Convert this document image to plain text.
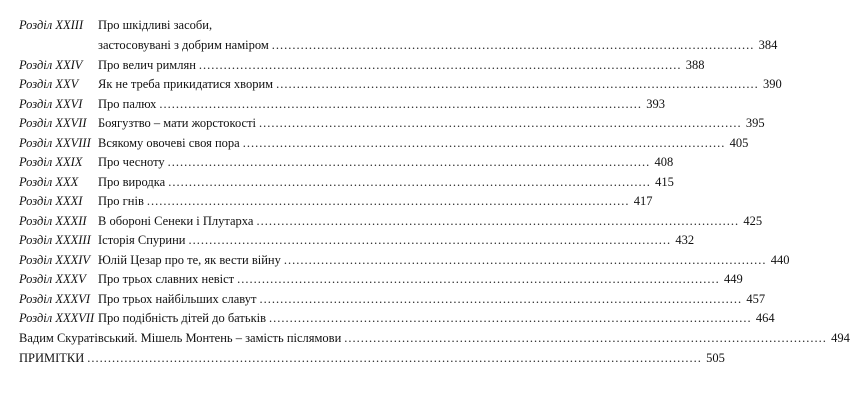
Розділ XXIII	Про шкідливі засоби,
застосовувані з добрим наміром ..................................................................................................................... 384
Розділ XXIV	Про велич римлян ..................................................................................................................... 388
Розділ XXV	Як не треба прикидатися хворим ..................................................................................................................... 390
Розділ XXVI	Про палюх ..................................................................................................................... 393
Розділ XXVII Боягузтво – мати жорстокості ..................................................................................................................... 395
Розділ XXVIII Всякому овочеві своя пора ..................................................................................................................... 405
Розділ XXIX	Про чесноту ..................................................................................................................... 408
Розділ XXX	Про виродка ..................................................................................................................... 415
Розділ XXXI	Про гнів ..................................................................................................................... 417
Розділ XXXII В обороні Сенеки і Плутарха ..................................................................................................................... 425
Розділ XXXIII Історія Спурини ..................................................................................................................... 432
Розділ XXXIV Юлій Цезар про те, як вести війну ..................................................................................................................... 440
Розділ XXXV Про трьох славних невіст ..................................................................................................................... 449
Розділ XXXVI Про трьох найбільших славут ..................................................................................................................... 457
Розділ XXXVII Про подібність дітей до батьків ..................................................................................................................... 464
Вадим Скуратівський. Мішель Монтень – замість післямови ..................................................................................................................... 494
ПРИМІТКИ ..................................................................................................................................................... 505
